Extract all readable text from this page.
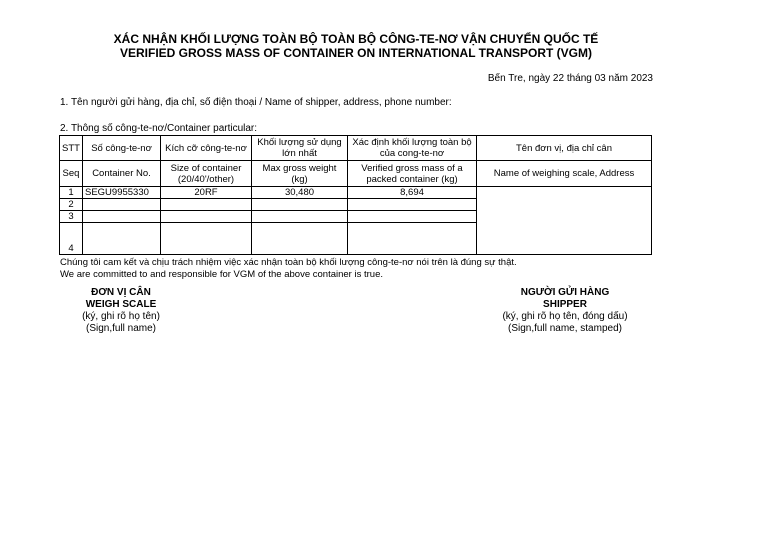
XÁC NHẬN KHỐI LƯỢNG TOÀN BỘ TOÀN BỘ CÔNG-TE-NƠ VẬN CHUYỂN QUỐC TẾ
VERIFIED GROSS MASS OF CONTAINER ON INTERNATIONAL TRANSPORT (VGM)
Bến Tre, ngày 22 tháng 03 năm 2023
1. Tên người gửi hàng, địa chỉ, số điện thoại / Name of shipper, address, phone number:
2. Thông số công-te-nơ/Container particular:
STT	Số công-te-nơ	Kích cỡ công-te-nơ	Khối lượng sử dụng lớn nhất	Xác định khối lượng toàn bộ của cong-te-nơ	Tên đơn vị, địa chỉ cân
Seq	Container No.	Size of container (20/40'/other)	Max gross weight (kg)	Verified gross mass of a packed container (kg)	Name of weighing scale, Address
1	SEGU9955330	20RF	30,480	8,694	
2					
3					
4					
Chúng tôi cam kết và chịu trách nhiệm việc xác nhận toàn bộ khối lượng công-te-nơ nói trên là đúng sự thật.
We are committed to and responsible for VGM of the above container is true.
ĐƠN VỊ CÂN
WEIGH SCALE
(ký, ghi rõ họ tên)
(Sign,full name)
NGƯỜI GỬI HÀNG
SHIPPER
(ký, ghi rõ họ tên, đóng dấu)
(Sign,full name, stamped)
